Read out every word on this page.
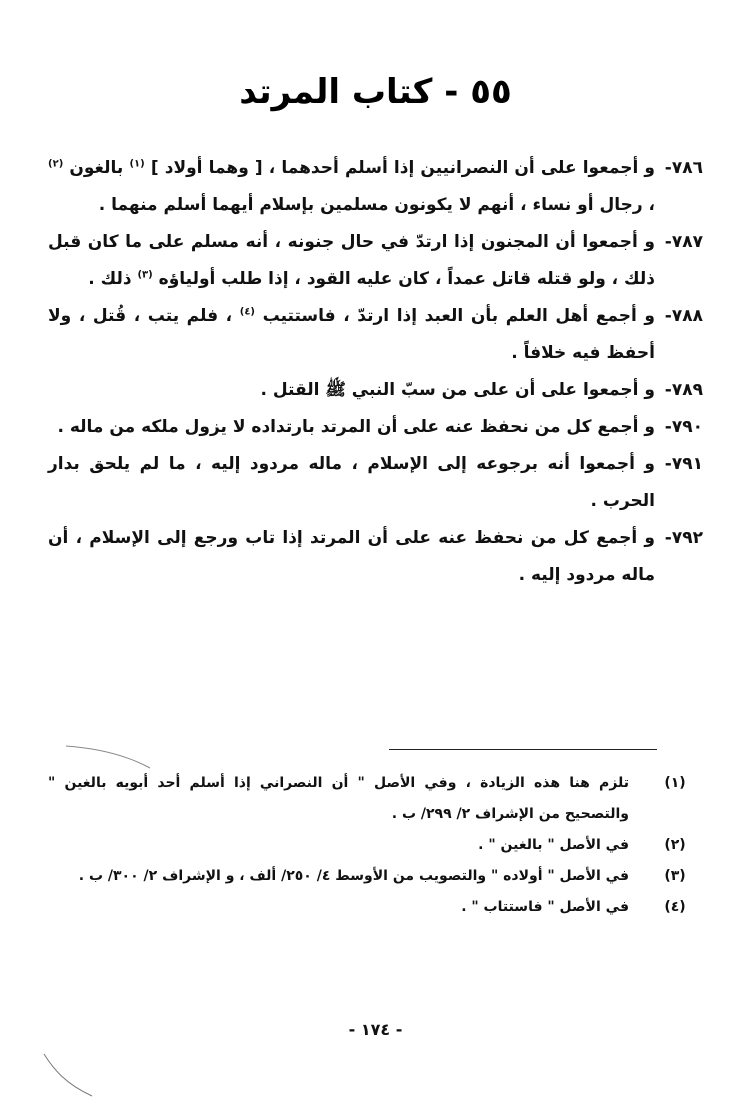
٥٥ - كتاب المرتد
٧٨٦-
و أجمعوا على أن النصرانيين إذا أسلم أحدهما ، [ وهما أولاد ] $^{(١)}$ بالغون $^{(٢)}$ ، رجال أو نساء ، أنهم لا يكونون مسلمين بإسلام أيهما أسلم منهما .
٧٨٧-
و أجمعوا أن المجنون إذا ارتدّ في حال جنونه ، أنه مسلم على ما كان قبل ذلك ، ولو قتله قاتل عمداً ، كان عليه القود ، إذا طلب أولياؤه $^{(٣)}$ ذلك .
٧٨٨-
و أجمع أهل العلم بأن العبد إذا ارتدّ ، فاستتيب $^{(٤)}$ ، فلم يتب ، قُتل ، ولا أحفظ فيه خلافاً .
٧٨٩-
و أجمعوا على أن على من سبّ النبي ﷺ القتل .
٧٩٠-
و أجمع كل من نحفظ عنه على أن المرتد بارتداده لا يزول ملكه من ماله .
٧٩١-
و أجمعوا أنه برجوعه إلى الإسلام ، ماله مردود إليه ، ما لم يلحق بدار الحرب .
٧٩٢-
و أجمع كل من نحفظ عنه على أن المرتد إذا تاب ورجع إلى الإسلام ، أن ماله مردود إليه .
(١)
تلزم هنا هذه الزيادة ، وفي الأصل " أن النصراني إذا أسلم أحد أبويه بالغين " والتصحيح من الإشراف ٢/ ٢٩٩/ ب .
(٢)
في الأصل " بالغين " .
(٣)
في الأصل " أولاده " والتصويب من الأوسط ٤/ ٢٥٠/ ألف ، و الإشراف ٢/ ٣٠٠/ ب .
(٤)
في الأصل " فاستتاب " .
- ١٧٤ -
